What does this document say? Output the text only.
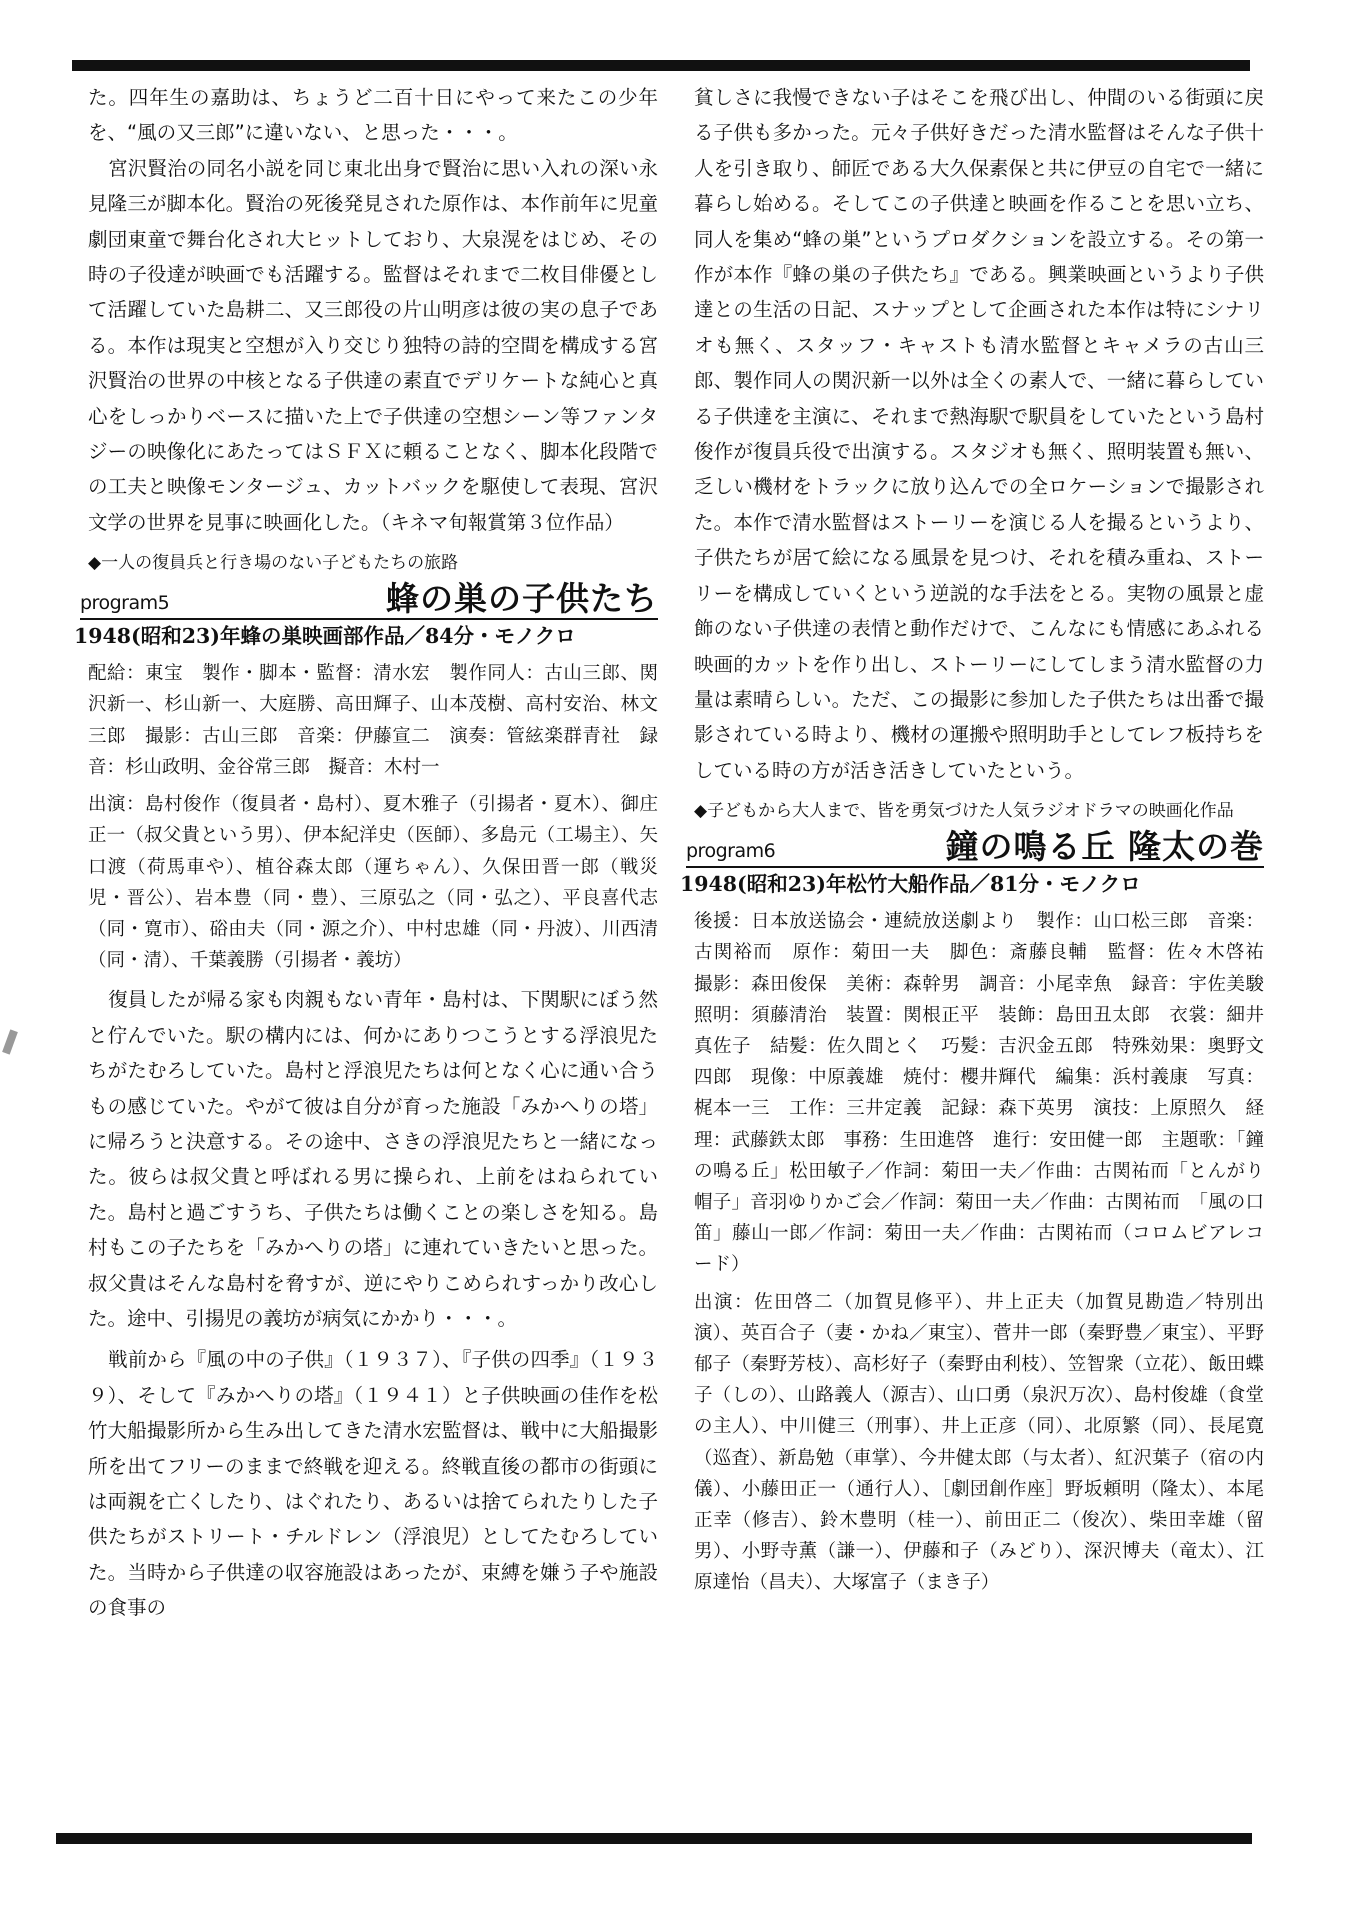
た。四年生の嘉助は、ちょうど二百十日にやって来たこの少年を、“風の又三郎”に違いない、と思った・・・。

宮沢賢治の同名小説を同じ東北出身で賢治に思い入れの深い永見隆三が脚本化。賢治の死後発見された原作は、本作前年に児童劇団東童で舞台化され大ヒットしており、大泉滉をはじめ、その時の子役達が映画でも活躍する。監督はそれまで二枚目俳優として活躍していた島耕二、又三郎役の片山明彦は彼の実の息子である。本作は現実と空想が入り交じり独特の詩的空間を構成する宮沢賢治の世界の中核となる子供達の素直でデリケートな純心と真心をしっかりベースに描いた上で子供達の空想シーン等ファンタジーの映像化にあたってはＳＦＸに頼ることなく、脚本化段階での工夫と映像モンタージュ、カットバックを駆使して表現、宮沢文学の世界を見事に映画化した。（キネマ旬報賞第３位作品）

◆一人の復員兵と行き場のない子どもたちの旅路
program5	蜂の巣の子供たち
1948(昭和23)年蜂の巣映画部作品／84分・モノクロ

配給：東宝　製作・脚本・監督：清水宏　製作同人：古山三郎、関沢新一、杉山新一、大庭勝、高田輝子、山本茂樹、高村安治、林文三郎　撮影：古山三郎　音楽：伊藤宣二　演奏：管絃楽群青社　録音：杉山政明、金谷常三郎　擬音：木村一

出演：島村俊作（復員者・島村）、夏木雅子（引揚者・夏木）、御庄正一（叔父貴という男）、伊本紀洋史（医師）、多島元（工場主）、矢口渡（荷馬車や）、植谷森太郎（運ちゃん）、久保田晋一郎（戦災児・晋公）、岩本豊（同・豊）、三原弘之（同・弘之）、平良喜代志（同・寛市）、硲由夫（同・源之介）、中村忠雄（同・丹波）、川西清（同・清）、千葉義勝（引揚者・義坊）

復員したが帰る家も肉親もない青年・島村は、下関駅にぼう然と佇んでいた。駅の構内には、何かにありつこうとする浮浪児たちがたむろしていた。島村と浮浪児たちは何となく心に通い合うもの感じていた。やがて彼は自分が育った施設「みかへりの塔」に帰ろうと決意する。その途中、さきの浮浪児たちと一緒になった。彼らは叔父貴と呼ばれる男に操られ、上前をはねられていた。島村と過ごすうち、子供たちは働くことの楽しさを知る。島村もこの子たちを「みかへりの塔」に連れていきたいと思った。叔父貴はそんな島村を脅すが、逆にやりこめられすっかり改心した。途中、引揚児の義坊が病気にかかり・・・。

戦前から『風の中の子供』（１９３７）、『子供の四季』（１９３９）、そして『みかへりの塔』（１９４１）と子供映画の佳作を松竹大船撮影所から生み出してきた清水宏監督は、戦中に大船撮影所を出てフリーのままで終戦を迎える。終戦直後の都市の街頭には両親を亡くしたり、はぐれたり、あるいは捨てられたりした子供たちがストリート・チルドレン（浮浪児）としてたむろしていた。当時から子供達の収容施設はあったが、束縛を嫌う子や施設の食事の

貧しさに我慢できない子はそこを飛び出し、仲間のいる街頭に戻る子供も多かった。元々子供好きだった清水監督はそんな子供十人を引き取り、師匠である大久保素保と共に伊豆の自宅で一緒に暮らし始める。そしてこの子供達と映画を作ることを思い立ち、同人を集め“蜂の巣”というプロダクションを設立する。その第一作が本作『蜂の巣の子供たち』である。興業映画というより子供達との生活の日記、スナップとして企画された本作は特にシナリオも無く、スタッフ・キャストも清水監督とキャメラの古山三郎、製作同人の関沢新一以外は全くの素人で、一緒に暮らしている子供達を主演に、それまで熱海駅で駅員をしていたという島村俊作が復員兵役で出演する。スタジオも無く、照明装置も無い、乏しい機材をトラックに放り込んでの全ロケーションで撮影された。本作で清水監督はストーリーを演じる人を撮るというより、子供たちが居て絵になる風景を見つけ、それを積み重ね、ストーリーを構成していくという逆説的な手法をとる。実物の風景と虚飾のない子供達の表情と動作だけで、こんなにも情感にあふれる映画的カットを作り出し、ストーリーにしてしまう清水監督の力量は素晴らしい。ただ、この撮影に参加した子供たちは出番で撮影されている時より、機材の運搬や照明助手としてレフ板持ちをしている時の方が活き活きしていたという。

◆子どもから大人まで、皆を勇気づけた人気ラジオドラマの映画化作品
program6	鐘の鳴る丘 隆太の巻
1948(昭和23)年松竹大船作品／81分・モノクロ

後援：日本放送協会・連続放送劇より　製作：山口松三郎　音楽：古関裕而　原作：菊田一夫　脚色：斎藤良輔　監督：佐々木啓祐　撮影：森田俊保　美術：森幹男　調音：小尾幸魚　録音：宇佐美駿　照明：須藤清治　装置：関根正平　装飾：島田丑太郎　衣裳：細井真佐子　結髪：佐久間とく　巧髪：吉沢金五郎　特殊効果：奥野文四郎　現像：中原義雄　焼付：櫻井輝代　編集：浜村義康　写真：梶本一三　工作：三井定義　記録：森下英男　演技：上原照久　経理：武藤鉄太郎　事務：生田進啓　進行：安田健一郎　主題歌：「鐘の鳴る丘」松田敏子／作詞：菊田一夫／作曲：古関祐而「とんがり帽子」音羽ゆりかご会／作詞：菊田一夫／作曲：古関祐而　「風の口笛」藤山一郎／作詞：菊田一夫／作曲：古関祐而（コロムビアレコード）

出演：佐田啓二（加賀見修平）、井上正夫（加賀見勘造／特別出演）、英百合子（妻・かね／東宝）、菅井一郎（秦野豊／東宝）、平野郁子（秦野芳枝）、高杉好子（秦野由利枝）、笠智衆（立花）、飯田蝶子（しの）、山路義人（源吉）、山口勇（泉沢万次）、島村俊雄（食堂の主人）、中川健三（刑事）、井上正彦（同）、北原繁（同）、長尾寛（巡査）、新島勉（車掌）、今井健太郎（与太者）、紅沢葉子（宿の内儀）、小藤田正一（通行人）、［劇団創作座］野坂頼明（隆太）、本尾正幸（修吉）、鈴木豊明（桂一）、前田正二（俊次）、柴田幸雄（留男）、小野寺薫（謙一）、伊藤和子（みどり）、深沢博夫（竜太）、江原達怡（昌夫）、大塚富子（まき子）
